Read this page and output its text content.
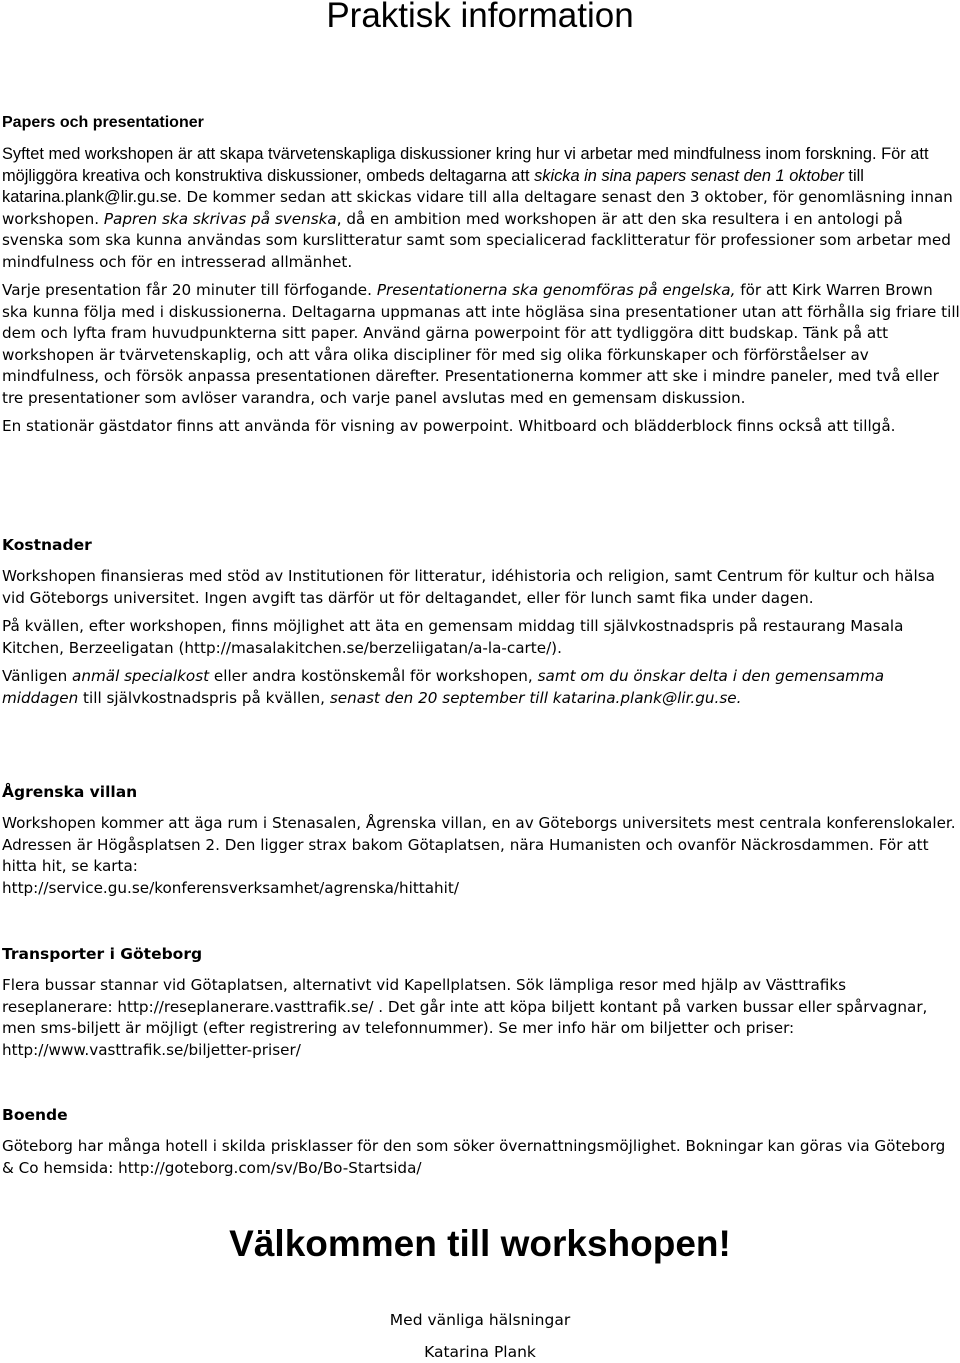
Praktisk information
Papers och presentationer

Syftet med workshopen är att skapa tvärvetenskapliga diskussioner kring hur vi arbetar med mindfulness inom forskning. För att möjliggöra kreativa och konstruktiva diskussioner, ombeds deltagarna att skicka in sina papers senast den 1 oktober till katarina.plank@lir.gu.se. De kommer sedan att skickas vidare till alla deltagare senast den 3 oktober, för genomläsning innan workshopen. Papren ska skrivas på svenska, då en ambition med workshopen är att den ska resultera i en antologi på svenska som ska kunna användas som kurslitteratur samt som specialicerad facklitteratur för professioner som arbetar med mindfulness och för en intresserad allmänhet.

Varje presentation får 20 minuter till förfogande. Presentationerna ska genomföras på engelska, för att Kirk Warren Brown ska kunna följa med i diskussionerna. Deltagarna uppmanas att inte högläsa sina presentationer utan att förhålla sig friare till dem och lyfta fram huvudpunkterna sitt paper. Använd gärna powerpoint för att tydliggöra ditt budskap. Tänk på att workshopen är tvärvetenskaplig, och att våra olika discipliner för med sig olika förkunskaper och förförståelser av mindfulness, och försök anpassa presentationen därefter. Presentationerna kommer att ske i mindre paneler, med två eller tre presentationer som avlöser varandra, och varje panel avslutas med en gemensam diskussion.

En stationär gästdator finns att använda för visning av powerpoint. Whitboard och blädderblock finns också att tillgå.

Kostnader

Workshopen finansieras med stöd av Institutionen för litteratur, idéhistoria och religion, samt Centrum för kultur och hälsa vid Göteborgs universitet. Ingen avgift tas därför ut för deltagandet, eller för lunch samt fika under dagen.

På kvällen, efter workshopen, finns möjlighet att äta en gemensam middag till självkostnadspris på restaurang Masala Kitchen, Berzeeligatan (http://masalakitchen.se/berzeliigatan/a-la-carte/).

Vänligen anmäl specialkost eller andra kostönskemål för workshopen, samt om du önskar delta i den gemensamma middagen till självkostnadspris på kvällen, senast den 20 september till katarina.plank@lir.gu.se.

Ågrenska villan

Workshopen kommer att äga rum i Stenasalen, Ågrenska villan, en av Göteborgs universitets mest centrala konferenslokaler. Adressen är Högåsplatsen 2. Den ligger strax bakom Götaplatsen, nära Humanisten och ovanför Näckrosdammen. För att hitta hit, se karta:
http://service.gu.se/konferensverksamhet/agrenska/hittahit/

Transporter i Göteborg

Flera bussar stannar vid Götaplatsen, alternativt vid Kapellplatsen. Sök lämpliga resor med hjälp av Västtrafiks reseplanerare: http://reseplanerare.vasttrafik.se/ . Det går inte att köpa biljett kontant på varken bussar eller spårvagnar, men sms-biljett är möjligt (efter registrering av telefonnummer). Se mer info här om biljetter och priser: http://www.vasttrafik.se/biljetter-priser/

Boende

Göteborg har många hotell i skilda prisklasser för den som söker övernattningsmöjlighet. Bokningar kan göras via Göteborg & Co hemsida: http://goteborg.com/sv/Bo/Bo-Startsida/

Välkommen till workshopen!

Med vänliga hälsningar

Katarina Plank
